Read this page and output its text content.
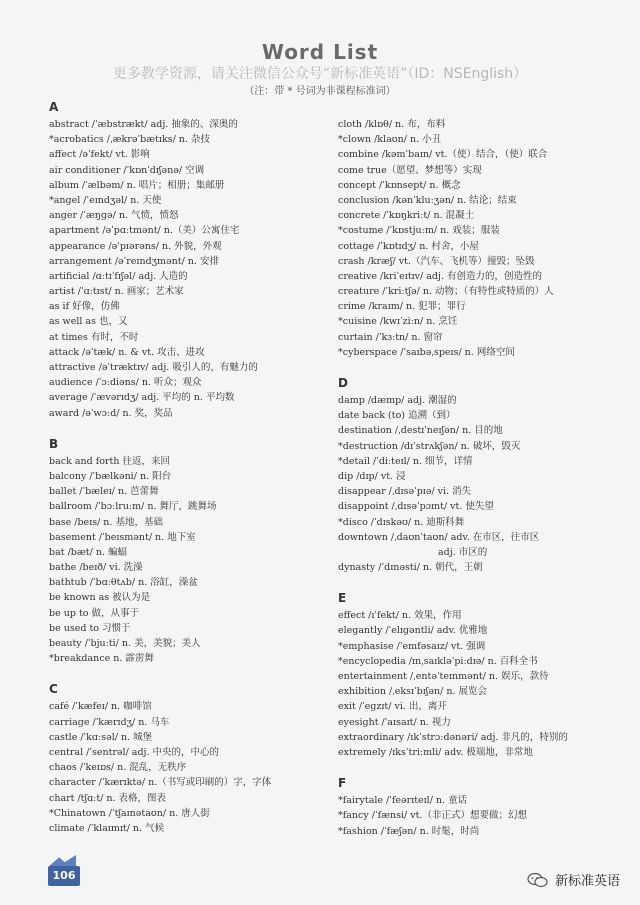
Word List
更多教学资源，请关注微信公众号“新标准英语”（ID：NSEnglish）
（注：带 * 号词为非课程标准词）
A
abstract /ˈæbstrækt/ adj. 抽象的、深奥的
*acrobatics /ˌækrəˈbætɪks/ n. 杂技
affect /əˈfekt/ vt. 影响
air conditioner /ˈkɒnˈdɪʃənə/ 空调
album /ˈælbəm/ n. 唱片；相册；集邮册
*angel /ˈeɪndʒəl/ n. 天使
anger /ˈæŋɡə/ n. 气愤，愤怒
apartment /əˈpɑːtmənt/ n.（美）公寓住宅
appearance /əˈpɪərəns/ n. 外貌，外观
arrangement /əˈreɪndʒmənt/ n. 安排
artificial /ɑːtɪˈfɪʃəl/ adj. 人造的
artist /ˈɑːtɪst/ n. 画家；艺术家
as if 好像，仿佛
as well as 也，又
at times 有时，不时
attack /əˈtæk/ n. & vt. 攻击、进攻
attractive /əˈtræktɪv/ adj. 吸引人的，有魅力的
audience /ˈɔːdiəns/ n. 听众；观众
average /ˈævərɪdʒ/ adj. 平均的 n. 平均数
award /əˈwɔːd/ n. 奖，奖品
B
back and forth 往返，来回
balcony /ˈbælkəni/ n. 阳台
ballet /ˈbæleɪ/ n. 芭蕾舞
ballroom /ˈbɔːlruːm/ n. 舞厅，跳舞场
base /beɪs/ n. 基地，基础
basement /ˈbeɪsmənt/ n. 地下室
bat /bæt/ n. 蝙蝠
bathe /beɪð/ vi. 洗澡
bathtub /ˈbɑːθtʌb/ n. 浴缸，澡盆
be known as 被认为是
be up to 做，从事于
be used to 习惯于
beauty /ˈbjuːti/ n. 美，美貌；美人
*breakdance n. 霹雳舞
C
café /ˈkæfeɪ/ n. 咖啡馆
carriage /ˈkærɪdʒ/ n. 马车
castle /ˈkɑːsəl/ n. 城堡
central /ˈsentrəl/ adj. 中央的，中心的
chaos /ˈkeɪɒs/ n. 混乱，无秩序
character /ˈkærɪktə/ n.（书写或印刷的）字，字体
chart /tʃɑːt/ n. 表格，图表
*Chinatown /ˈtʃaɪnətaʊn/ n. 唐人街
climate /ˈklaɪmɪt/ n. 气候
cloth /klɒθ/ n. 布，布料
*clown /klaʊn/ n. 小丑
combine /kəmˈbaɪn/ vt.（使）结合，（使）联合
come true（愿望、梦想等）实现
concept /ˈkɒnsept/ n. 概念
conclusion /kənˈkluːʒən/ n. 结论；结束
concrete /ˈkɒŋkriːt/ n. 混凝土
*costume /ˈkɒstjuːm/ n. 戏装；服装
cottage /ˈkɒtɪdʒ/ n. 村舍，小屋
crash /kræʃ/ vt.（汽车、飞机等）撞毁；坠毁
creative /kriˈeɪtɪv/ adj. 有创造力的，创造性的
creature /ˈkriːtʃə/ n. 动物；（有特性或特质的）人
crime /kraɪm/ n. 犯罪；罪行
*cuisine /kwɪˈziːn/ n. 烹饪
curtain /ˈkɜːtn/ n. 窗帘
*cyberspace /ˈsaɪbəˌspeɪs/ n. 网络空间
D
damp /dæmp/ adj. 潮湿的
date back (to) 追溯（到）
destination /ˌdestɪˈneɪʃən/ n. 目的地
*destruction /dɪˈstrʌkʃən/ n. 破坏，毁灭
*detail /ˈdiːteɪl/ n. 细节，详情
dip /dɪp/ vt. 浸
disappear /ˌdɪsəˈpɪə/ vi. 消失
disappoint /ˌdɪsəˈpɔɪnt/ vt. 使失望
*disco /ˈdɪskəʊ/ n. 迪斯科舞
downtown /ˌdaʊnˈtaʊn/ adv. 在市区，往市区
adj. 市区的
dynasty /ˈdɪnəsti/ n. 朝代，王朝
E
effect /ɪˈfekt/ n. 效果，作用
elegantly /ˈelɪgəntli/ adv. 优雅地
*emphasise /ˈemfəsaɪz/ vt. 强调
*encyclopedia /ɪnˌsaɪkləˈpiːdɪə/ n. 百科全书
entertainment /ˌentəˈteɪnmənt/ n. 娱乐，款待
exhibition /ˌeksɪˈbɪʃən/ n. 展览会
exit /ˈegzɪt/ vi. 出，离开
eyesight /ˈaɪsaɪt/ n. 视力
extraordinary /ɪkˈstrɔːdənəri/ adj. 非凡的，特别的
extremely /ɪksˈtriːmli/ adv. 极端地，非常地
F
*fairytale /ˈfeərɪteɪl/ n. 童话
*fancy /ˈfænsi/ vt.（非正式）想要做；幻想
*fashion /ˈfæʃən/ n. 时髦，时尚
106	新标准英语
